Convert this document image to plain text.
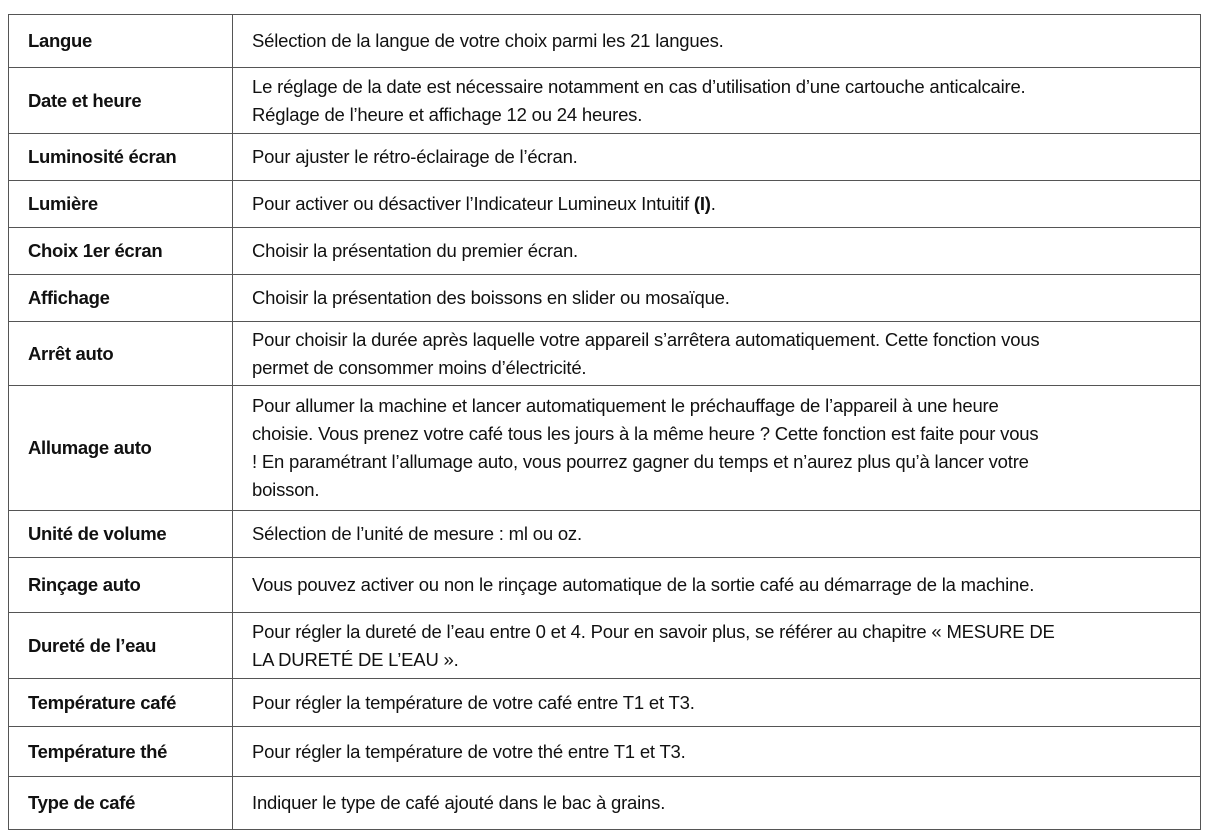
Langue	Sélection de la langue de votre choix parmi les 21 langues.
Date et heure	Le réglage de la date est nécessaire notamment en cas d’utilisation d’une cartouche anticalcaire.
Réglage de l’heure et affichage 12 ou 24 heures.

Luminosité écran	Pour ajuster le rétro-éclairage de l’écran.
Lumière	Pour activer ou désactiver l’Indicateur Lumineux Intuitif (I).
Choix 1er écran	Choisir la présentation du premier écran.
Affichage	Choisir la présentation des boissons en slider ou mosaïque.
Arrêt auto	Pour choisir la durée après laquelle votre appareil s’arrêtera automatiquement. Cette fonction vous
permet de consommer moins d’électricité.

Allumage auto	Pour allumer la machine et lancer automatiquement le préchauffage de l’appareil à une heure
choisie. Vous prenez votre café tous les jours à la même heure ? Cette fonction est faite pour vous
! En paramétrant l’allumage auto, vous pourrez gagner du temps et n’aurez plus qu’à lancer votre
boisson.

Unité de volume	Sélection de l’unité de mesure : ml ou oz.
Rinçage auto	Vous pouvez activer ou non le rinçage automatique de la sortie café au démarrage de la machine.
Dureté de l’eau	Pour régler la dureté de l’eau entre 0 et 4. Pour en savoir plus, se référer au chapitre « MESURE DE
LA DURETÉ DE L’EAU ».

Température café	Pour régler la température de votre café entre T1 et T3.
Température thé	Pour régler la température de votre thé entre T1 et T3.
Type de café	Indiquer le type de café ajouté dans le bac à grains.
